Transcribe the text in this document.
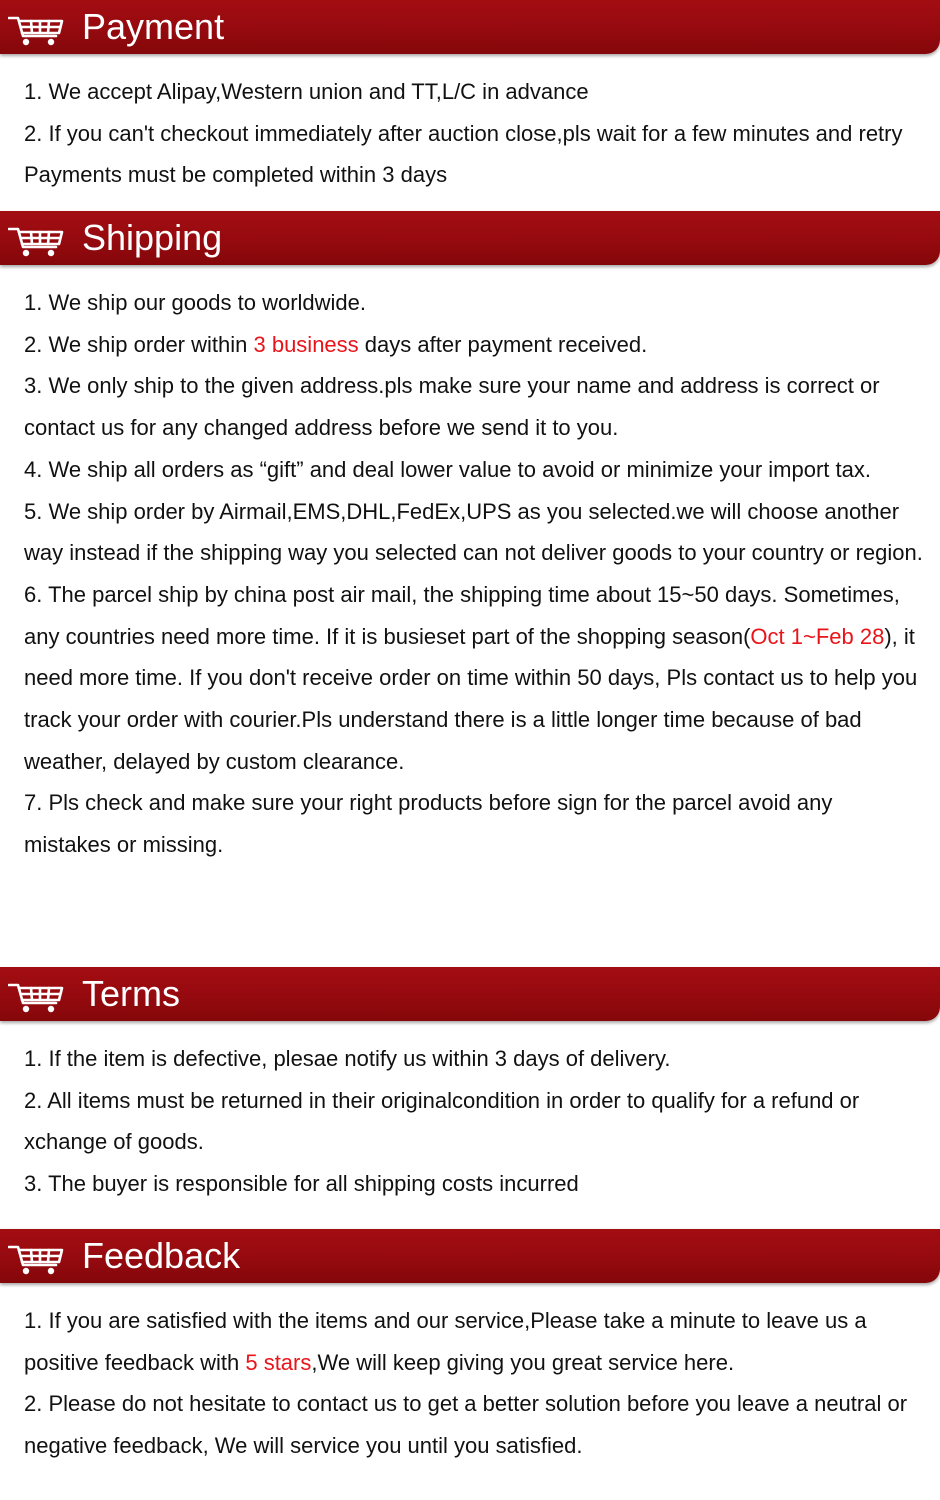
Payment
1. We accept Alipay,Western union and TT,L/C in advance
2. If you can't checkout immediately after auction close,pls wait for a few minutes and retry Payments must be completed within 3 days
Shipping
1. We ship our goods to worldwide.
2. We ship order within 3 business days after payment received.
3. We only ship to the given address.pls make sure your name and address is correct or contact us for any changed address before we send it to you.
4. We ship all orders as “gift” and deal lower value to avoid or minimize your import tax.
5. We ship order by Airmail,EMS,DHL,FedEx,UPS as you selected.we will choose another way instead if the shipping way you selected can not deliver goods to your country or region.
6. The parcel ship by china post air mail, the shipping time about 15~50 days. Sometimes, any countries need more time. If it is busieset part of the shopping season(Oct 1~Feb 28), it need more time. If you don't receive order on time within 50 days, Pls contact us to help you track your order with courier.Pls understand there is a little longer time because of bad weather, delayed by custom clearance.
7. Pls check and make sure your right products before sign for the parcel avoid any mistakes or missing.
Terms
1. If the item is defective, plesae notify us within 3 days of delivery.
2. All items must be returned in their originalcondition in order to qualify for a refund or xchange of goods.
3. The buyer is responsible for all shipping costs incurred
Feedback
1. If you are satisfied with the items and our service,Please take a minute to leave us a positive feedback with 5 stars,We will keep giving you great service here.
2. Please do not hesitate to contact us to get a better solution before you leave a neutral or negative feedback, We will service you until you satisfied.
